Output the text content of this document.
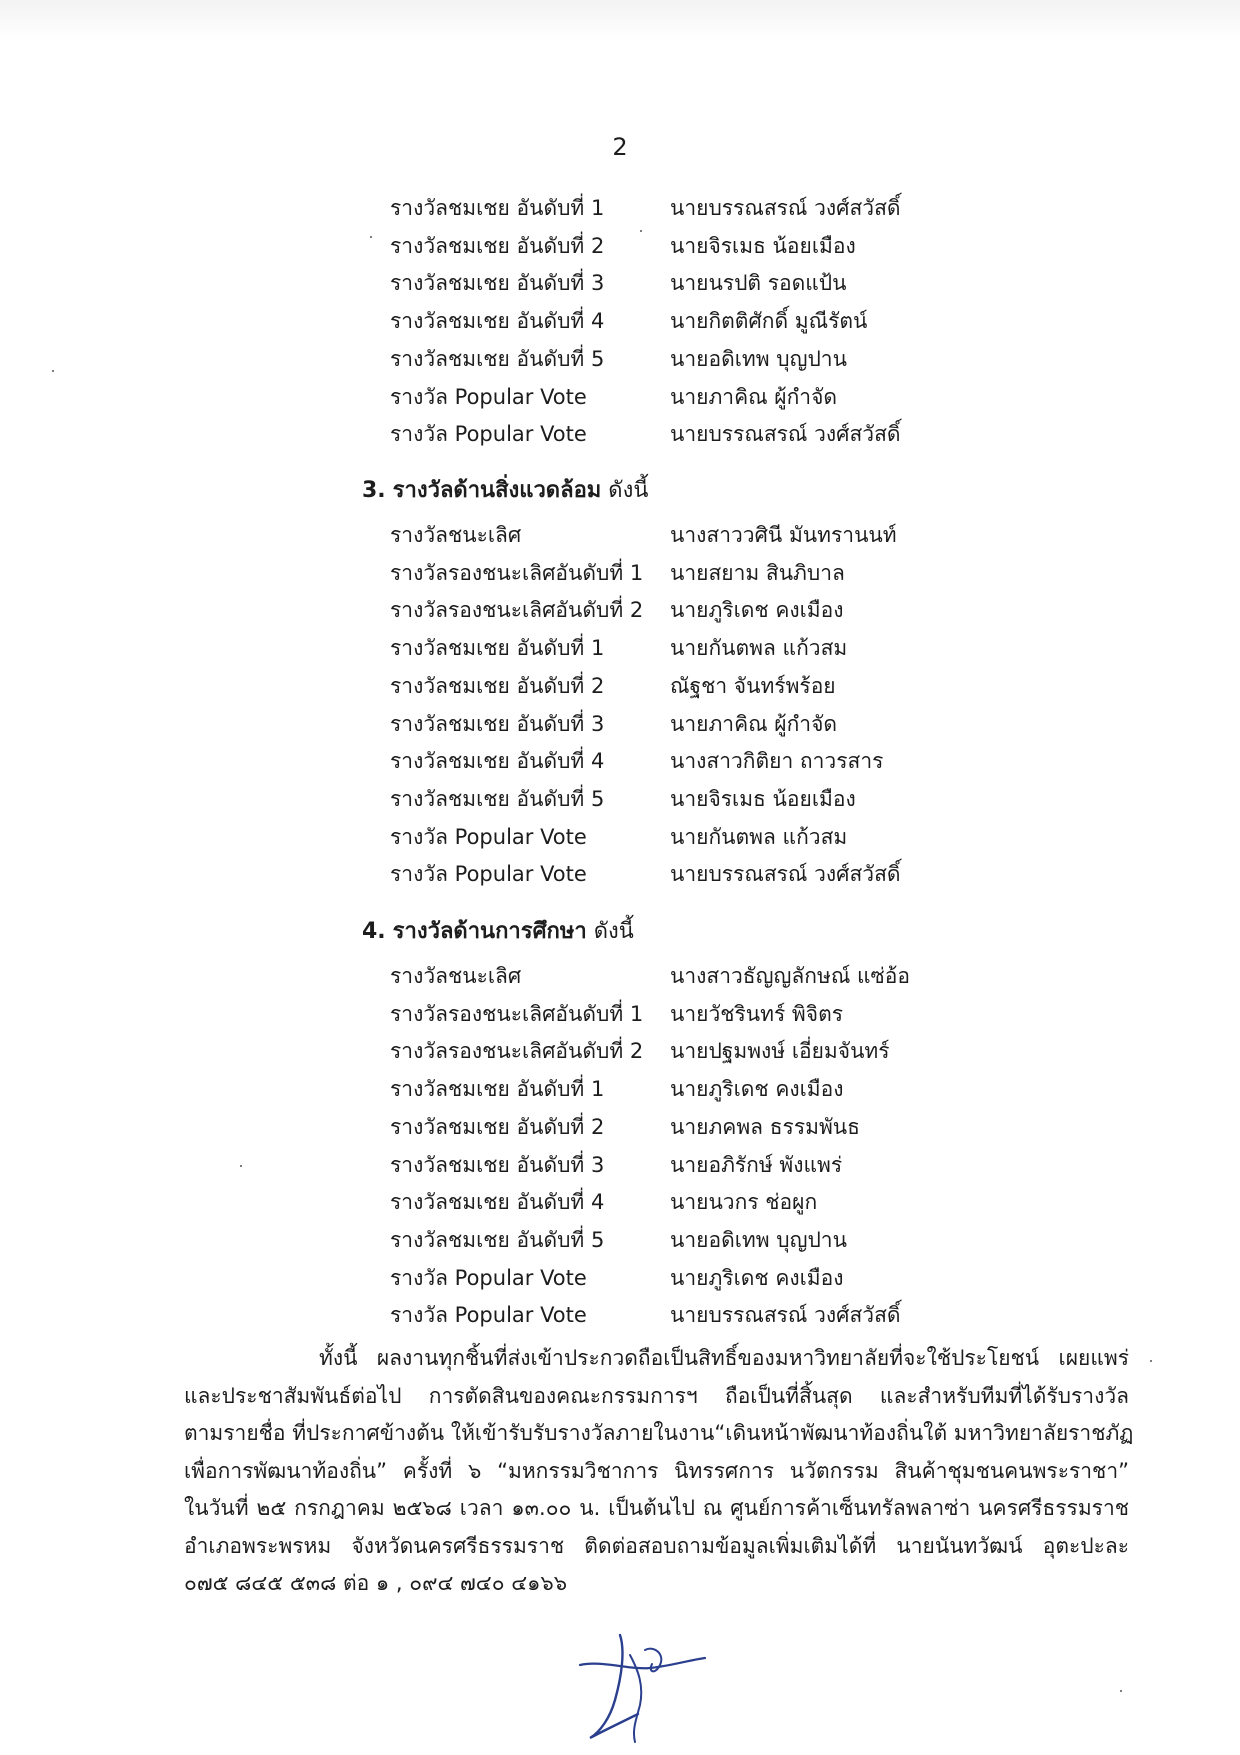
2
รางวัลชมเชย อันดับที่ 1	นายบรรณสรณ์ วงศ์สวัสดิ์
รางวัลชมเชย อันดับที่ 2	นายจิรเมธ น้อยเมือง
รางวัลชมเชย อันดับที่ 3	นายนรปติ รอดแป้น
รางวัลชมเชย อันดับที่ 4	นายกิตติศักดิ์ มูณีรัตน์
รางวัลชมเชย อันดับที่ 5	นายอดิเทพ บุญปาน
รางวัล Popular Vote	นายภาคิณ ผู้กำจัด
รางวัล Popular Vote	นายบรรณสรณ์ วงศ์สวัสดิ์
3. รางวัลด้านสิ่งแวดล้อม ดังนี้
รางวัลชนะเลิศ	นางสาววศินี มันทรานนท์
รางวัลรองชนะเลิศอันดับที่ 1 นายสยาม สินภิบาล
รางวัลรองชนะเลิศอันดับที่ 2 นายภูริเดช คงเมือง
รางวัลชมเชย อันดับที่ 1	นายกันตพล แก้วสม
รางวัลชมเชย อันดับที่ 2	ณัฐชา จันทร์พร้อย
รางวัลชมเชย อันดับที่ 3	นายภาคิณ ผู้กำจัด
รางวัลชมเชย อันดับที่ 4	นางสาวกิติยา ถาวรสาร
รางวัลชมเชย อันดับที่ 5	นายจิรเมธ น้อยเมือง
รางวัล Popular Vote	นายกันตพล แก้วสม
รางวัล Popular Vote	นายบรรณสรณ์ วงศ์สวัสดิ์
4. รางวัลด้านการศึกษา ดังนี้
รางวัลชนะเลิศ	นางสาวธัญญลักษณ์ แซ่อ้อ
รางวัลรองชนะเลิศอันดับที่ 1 นายวัชรินทร์ พิจิตร
รางวัลรองชนะเลิศอันดับที่ 2 นายปฐมพงษ์ เอี่ยมจันทร์
รางวัลชมเชย อันดับที่ 1	นายภูริเดช คงเมือง
รางวัลชมเชย อันดับที่ 2	นายภคพล ธรรมพันธ
รางวัลชมเชย อันดับที่ 3	นายอภิรักษ์ พังแพร่
รางวัลชมเชย อันดับที่ 4	นายนวกร ช่อผูก
รางวัลชมเชย อันดับที่ 5	นายอดิเทพ บุญปาน
รางวัล Popular Vote	นายภูริเดช คงเมือง
รางวัล Popular Vote	นายบรรณสรณ์ วงศ์สวัสดิ์
ทั้งนี้ ผลงานทุกชิ้นที่ส่งเข้าประกวดถือเป็นสิทธิ์ของมหาวิทยาลัยที่จะใช้ประโยชน์ เผยแพร่
และประชาสัมพันธ์ต่อไป การตัดสินของคณะกรรมการฯ ถือเป็นที่สิ้นสุด และสำหรับทีมที่ได้รับรางวัล
ตามรายชื่อ ที่ประกาศข้างต้น ให้เข้ารับรับรางวัลภายในงาน“เดินหน้าพัฒนาท้องถิ่นใต้ มหาวิทยาลัยราชภัฏ
เพื่อการพัฒนาท้องถิ่น” ครั้งที่ ๖ “มหกรรมวิชาการ นิทรรศการ นวัตกรรม สินค้าชุมชนคนพระราชา”
ในวันที่ ๒๕ กรกฎาคม ๒๕๖๘ เวลา ๑๓.๐๐ น. เป็นต้นไป ณ ศูนย์การค้าเซ็นทรัลพลาซ่า นครศรีธรรมราช
อำเภอพระพรหม จังหวัดนครศรีธรรมราช ติดต่อสอบถามข้อมูลเพิ่มเติมได้ที่ นายนันทวัฒน์ อุตะปะละ
๐๗๕ ๘๔๕ ๕๓๘ ต่อ ๑ , ๐๙๔ ๗๔๐ ๔๑๖๖
